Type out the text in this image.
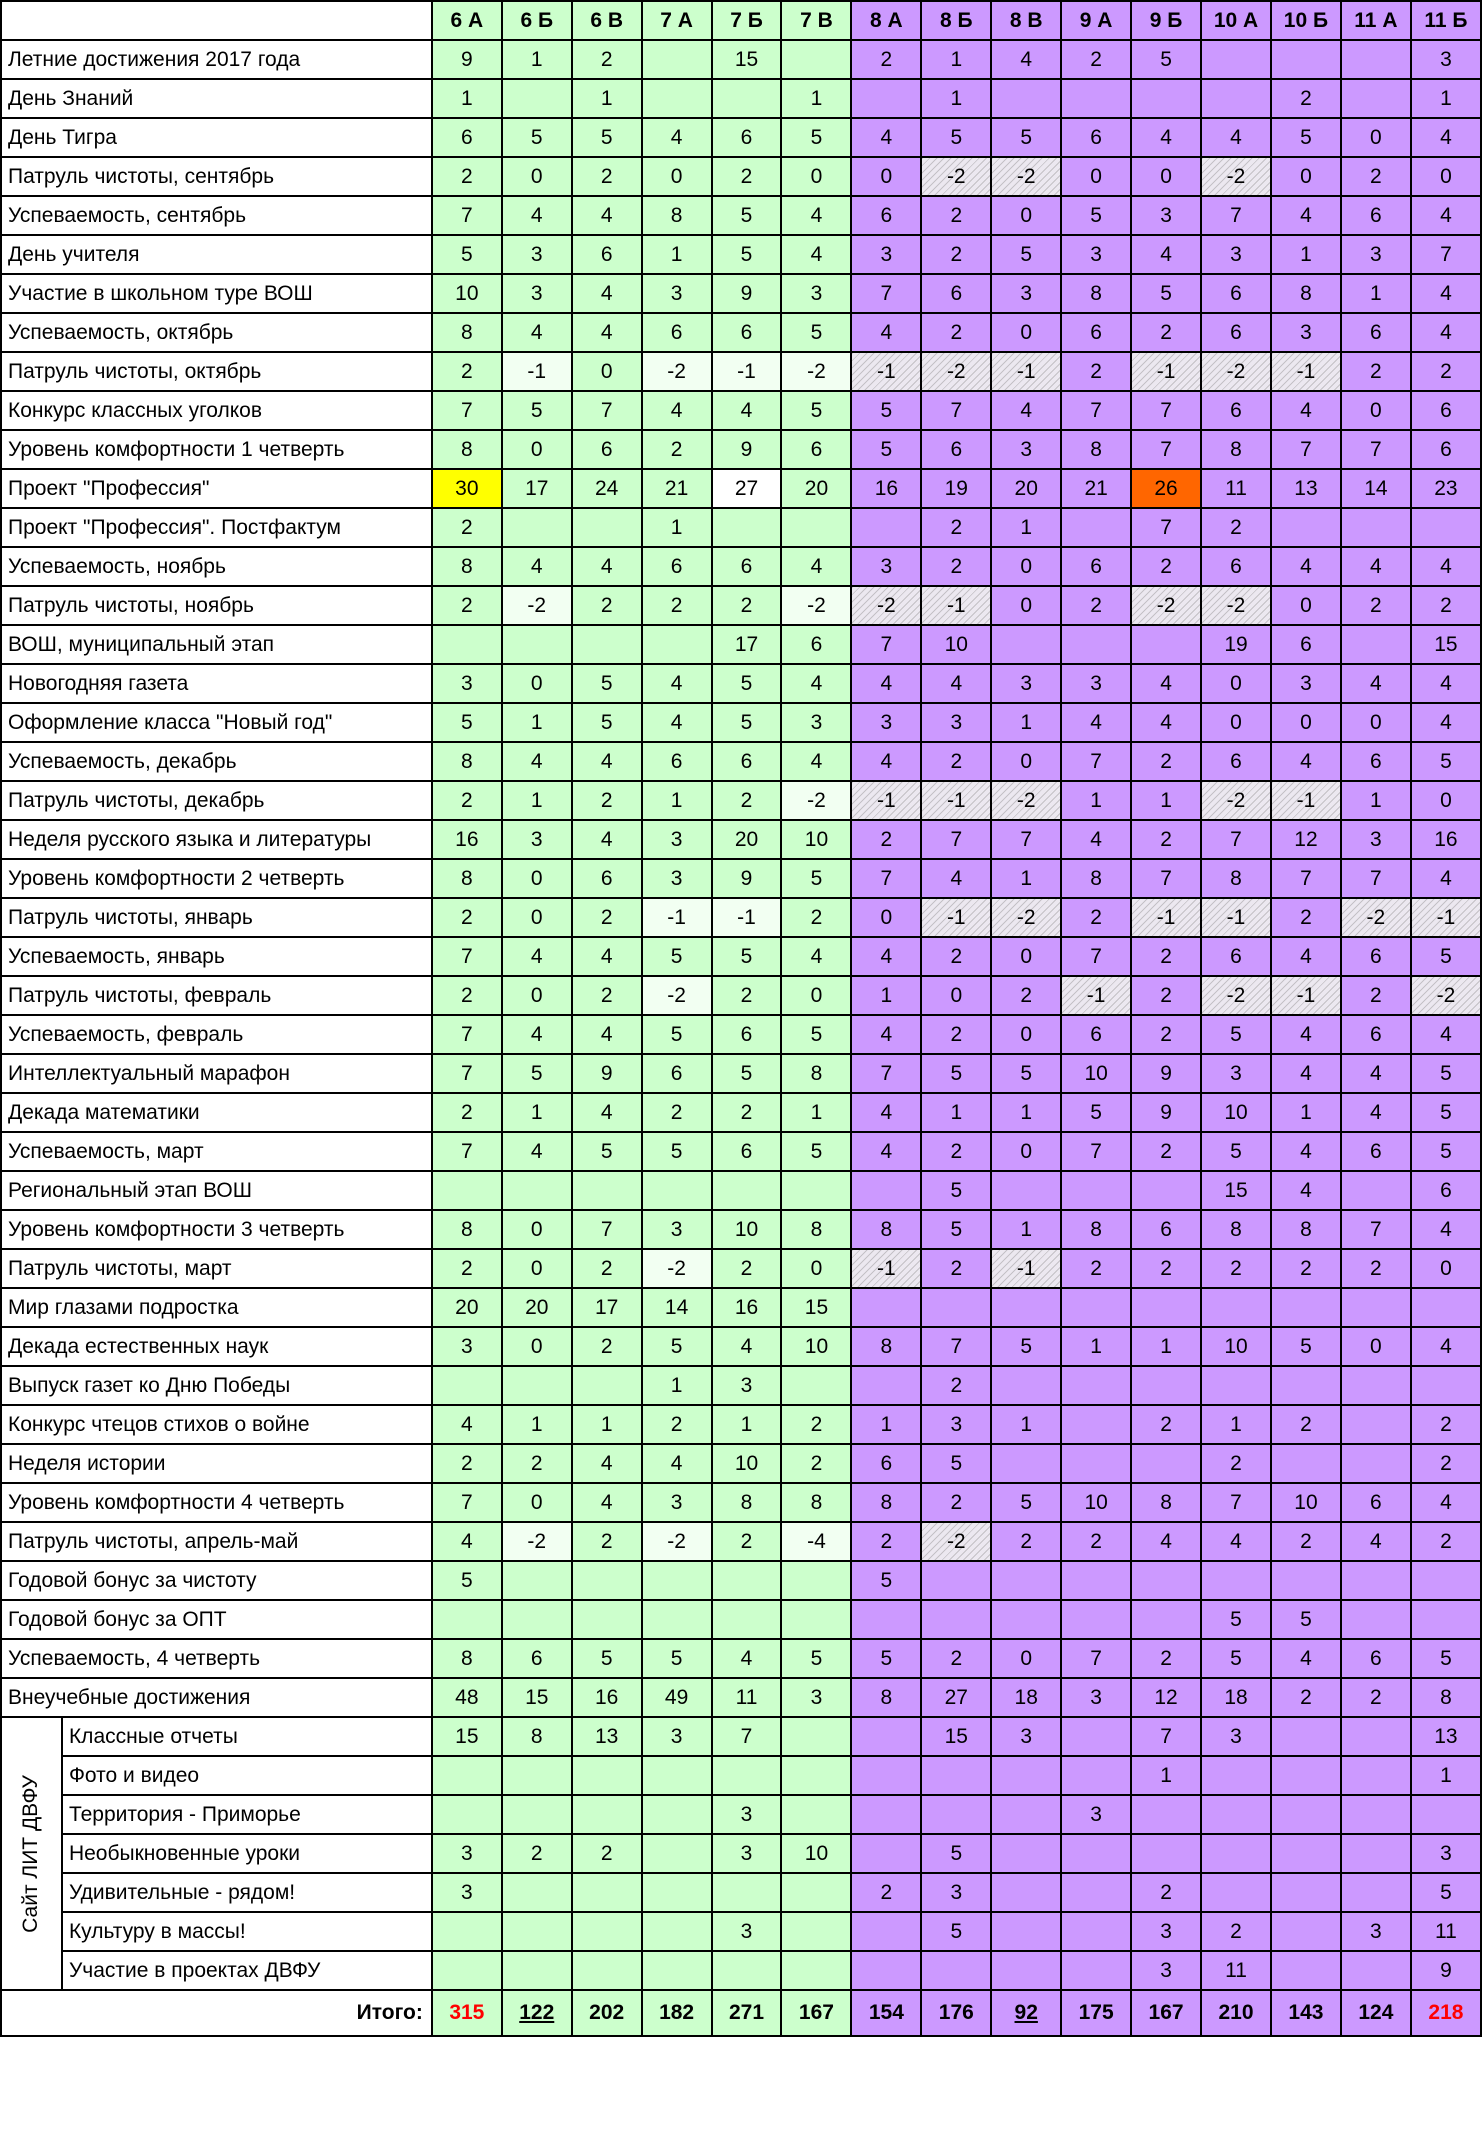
		6 А	6 Б	6 В	7 А	7 Б	7 В	8 А	8 Б	8 В	9 А	9 Б	10 А	10 Б	11 А	11 Б
Летние достижения 2017 года		9	1	2		15		2	1	4	2	5				3
День Знаний		1		1			1		1					2		1
День Тигра		6	5	5	4	6	5	4	5	5	6	4	4	5	0	4
Патруль чистоты, сентябрь		2	0	2	0	2	0	0	-2	-2	0	0	-2	0	2	0
Успеваемость, сентябрь		7	4	4	8	5	4	6	2	0	5	3	7	4	6	4
День учителя		5	3	6	1	5	4	3	2	5	3	4	3	1	3	7
Участие в школьном туре ВОШ		10	3	4	3	9	3	7	6	3	8	5	6	8	1	4
Успеваемость, октябрь		8	4	4	6	6	5	4	2	0	6	2	6	3	6	4
Патруль чистоты, октябрь		2	-1	0	-2	-1	-2	-1	-2	-1	2	-1	-2	-1	2	2
Конкурс классных уголков		7	5	7	4	4	5	5	7	4	7	7	6	4	0	6
Уровень комфортности 1 четверть		8	0	6	2	9	6	5	6	3	8	7	8	7	7	6
Проект "Профессия"		30	17	24	21	27	20	16	19	20	21	26	11	13	14	23
Проект "Профессия". Постфактум		2			1				2	1		7	2			
Успеваемость, ноябрь		8	4	4	6	6	4	3	2	0	6	2	6	4	4	4
Патруль чистоты, ноябрь		2	-2	2	2	2	-2	-2	-1	0	2	-2	-2	0	2	2
ВОШ, муниципальный этап						17	6	7	10				19	6		15
Новогодняя газета		3	0	5	4	5	4	4	4	3	3	4	0	3	4	4
Оформление класса "Новый год"		5	1	5	4	5	3	3	3	1	4	4	0	0	0	4
Успеваемость, декабрь		8	4	4	6	6	4	4	2	0	7	2	6	4	6	5
Патруль чистоты, декабрь		2	1	2	1	2	-2	-1	-1	-2	1	1	-2	-1	1	0
Неделя русского языка и литературы		16	3	4	3	20	10	2	7	7	4	2	7	12	3	16
Уровень комфортности 2 четверть		8	0	6	3	9	5	7	4	1	8	7	8	7	7	4
Патруль чистоты, январь		2	0	2	-1	-1	2	0	-1	-2	2	-1	-1	2	-2	-1
Успеваемость, январь		7	4	4	5	5	4	4	2	0	7	2	6	4	6	5
Патруль чистоты, февраль		2	0	2	-2	2	0	1	0	2	-1	2	-2	-1	2	-2
Успеваемость, февраль		7	4	4	5	6	5	4	2	0	6	2	5	4	6	4
Интеллектуальный марафон		7	5	9	6	5	8	7	5	5	10	9	3	4	4	5
Декада математики		2	1	4	2	2	1	4	1	1	5	9	10	1	4	5
Успеваемость, март		7	4	5	5	6	5	4	2	0	7	2	5	4	6	5
Региональный этап ВОШ									5				15	4		6
Уровень комфортности 3 четверть		8	0	7	3	10	8	8	5	1	8	6	8	8	7	4
Патруль чистоты, март		2	0	2	-2	2	0	-1	2	-1	2	2	2	2	2	0
Мир глазами подростка		20	20	17	14	16	15									
Декада естественных наук		3	0	2	5	4	10	8	7	5	1	1	10	5	0	4
Выпуск газет ко Дню Победы					1	3			2							
Конкурс чтецов стихов о войне		4	1	1	2	1	2	1	3	1		2	1	2		2
Неделя истории		2	2	4	4	10	2	6	5				2			2
Уровень комфортности 4 четверть		7	0	4	3	8	8	8	2	5	10	8	7	10	6	4
Патруль чистоты, апрель-май		4	-2	2	-2	2	-4	2	-2	2	2	4	4	2	4	2
Годовой бонус за чистоту		5						5								
Годовой бонус за ОПТ													5	5		
Успеваемость, 4 четверть		8	6	5	5	4	5	5	2	0	7	2	5	4	6	5
Внеучебные достижения		48	15	16	49	11	3	8	27	18	3	12	18	2	2	8

Сайт ЛИТ ДВФУ	Классные отчеты	15	8	13	3	7			15	3		7	3			13
	Фото и видео											1				1
	Территория - Приморье					3					3					
	Необыкновенные уроки	3	2	2		3	10		5							3
	Удивительные - рядом!	3						2	3			2				5
	Культуру в массы!					3			5			3	2		3	11
	Участие в проектах ДВФУ											3	11			9
Итого:		315	122	202	182	271	167	154	176	92	175	167	210	143	124	218
